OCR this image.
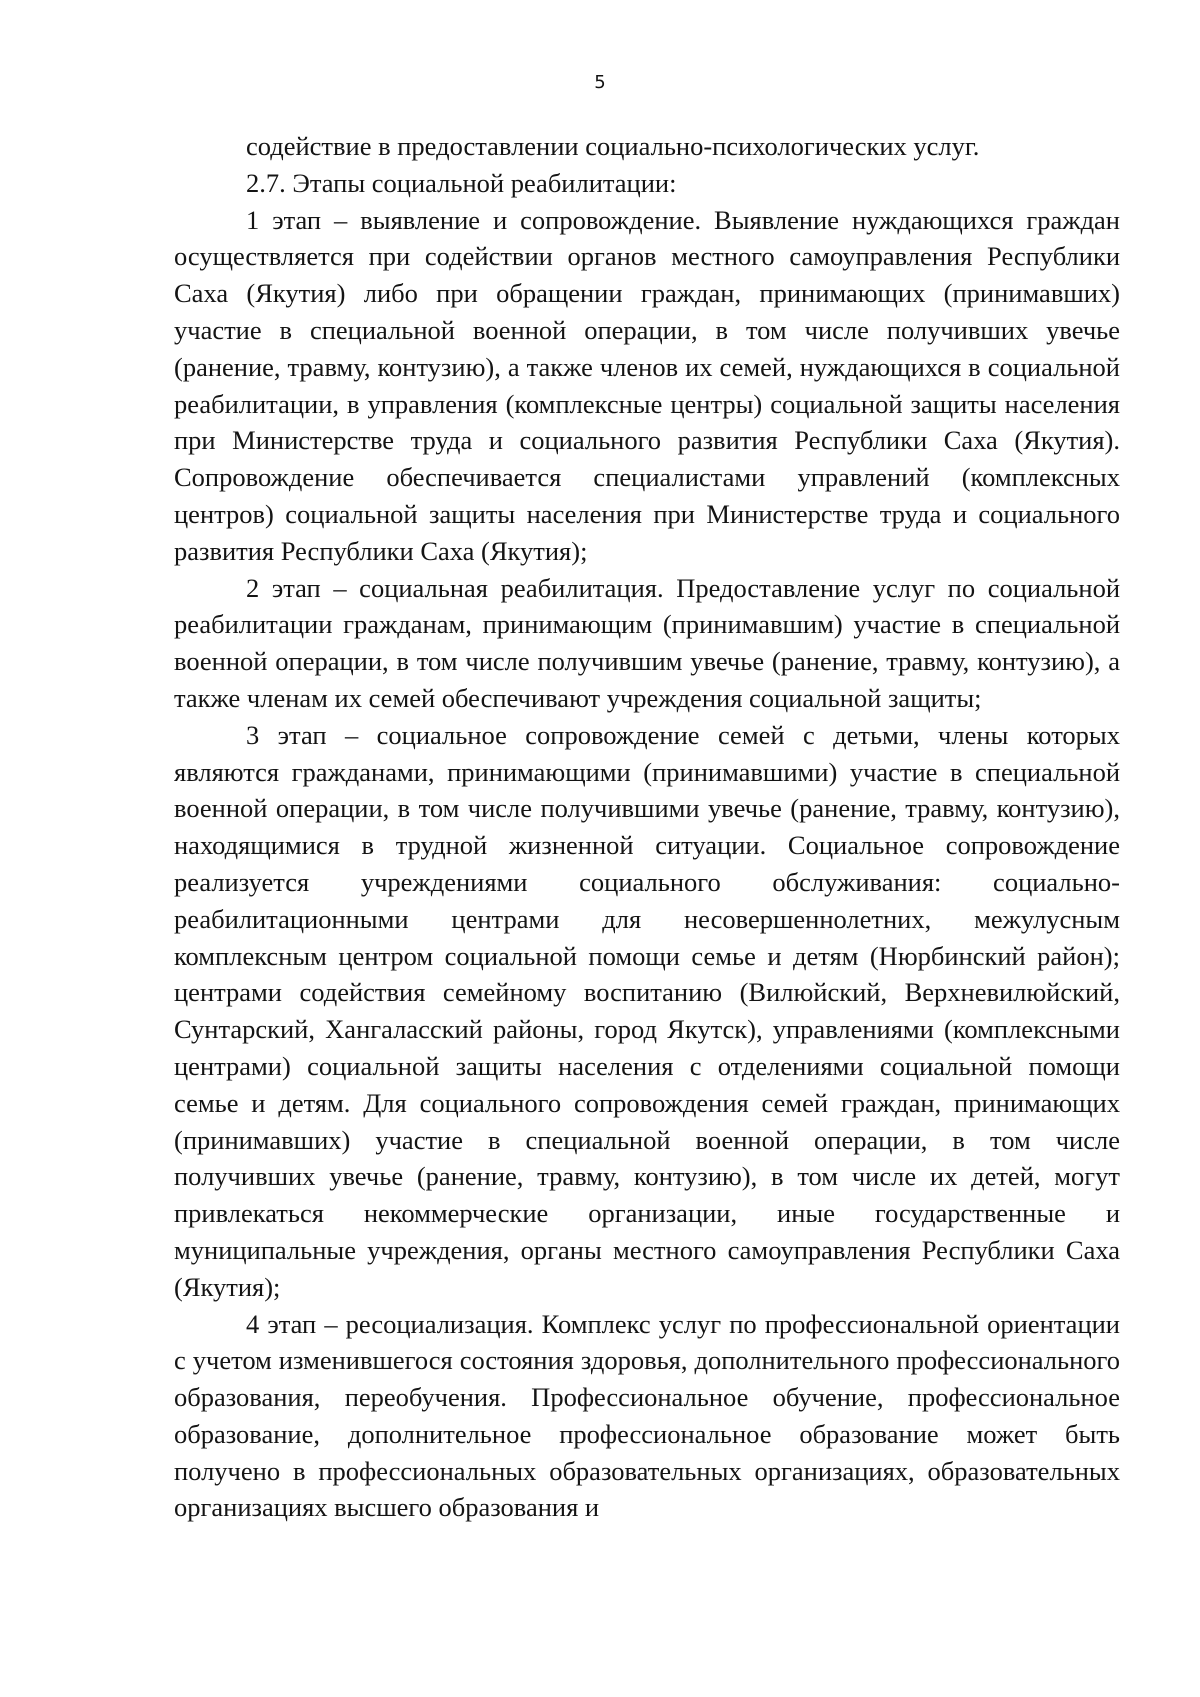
5

содействие в предоставлении социально-психологических услуг.

2.7. Этапы социальной реабилитации:

1 этап – выявление и сопровождение. Выявление нуждающихся граждан осуществляется при содействии органов местного самоуправления Республики Саха (Якутия) либо при обращении граждан, принимающих (принимавших) участие в специальной военной операции, в том числе получивших увечье (ранение, травму, контузию), а также членов их семей, нуждающихся в социальной реабилитации, в управления (комплексные центры) социальной защиты населения при Министерстве труда и социального развития Республики Саха (Якутия). Сопровождение обеспечивается специалистами управлений (комплексных центров) социальной защиты населения при Министерстве труда и социального развития Республики Саха (Якутия);

2 этап – социальная реабилитация. Предоставление услуг по социальной реабилитации гражданам, принимающим (принимавшим) участие в специальной военной операции, в том числе получившим увечье (ранение, травму, контузию), а также членам их семей обеспечивают учреждения социальной защиты;

3 этап – социальное сопровождение семей с детьми, члены которых являются гражданами, принимающими (принимавшими) участие в специальной военной операции, в том числе получившими увечье (ранение, травму, контузию), находящимися в трудной жизненной ситуации. Социальное сопровождение реализуется учреждениями социального обслуживания: социально-реабилитационными центрами для несовершеннолетних, межулусным комплексным центром социальной помощи семье и детям (Нюрбинский район); центрами содействия семейному воспитанию (Вилюйский, Верхневилюйский, Сунтарский, Хангаласский районы, город Якутск), управлениями (комплексными центрами) социальной защиты населения с отделениями социальной помощи семье и детям. Для социального сопровождения семей граждан, принимающих (принимавших) участие в специальной военной операции, в том числе получивших увечье (ранение, травму, контузию), в том числе их детей, могут привлекаться некоммерческие организации, иные государственные и муниципальные учреждения, органы местного самоуправления Республики Саха (Якутия);

4 этап – ресоциализация. Комплекс услуг по профессиональной ориентации с учетом изменившегося состояния здоровья, дополнительного профессионального образования, переобучения. Профессиональное обучение, профессиональное образование, дополнительное профессиональное образование может быть получено в профессиональных образовательных организациях, образовательных организациях высшего образования и
